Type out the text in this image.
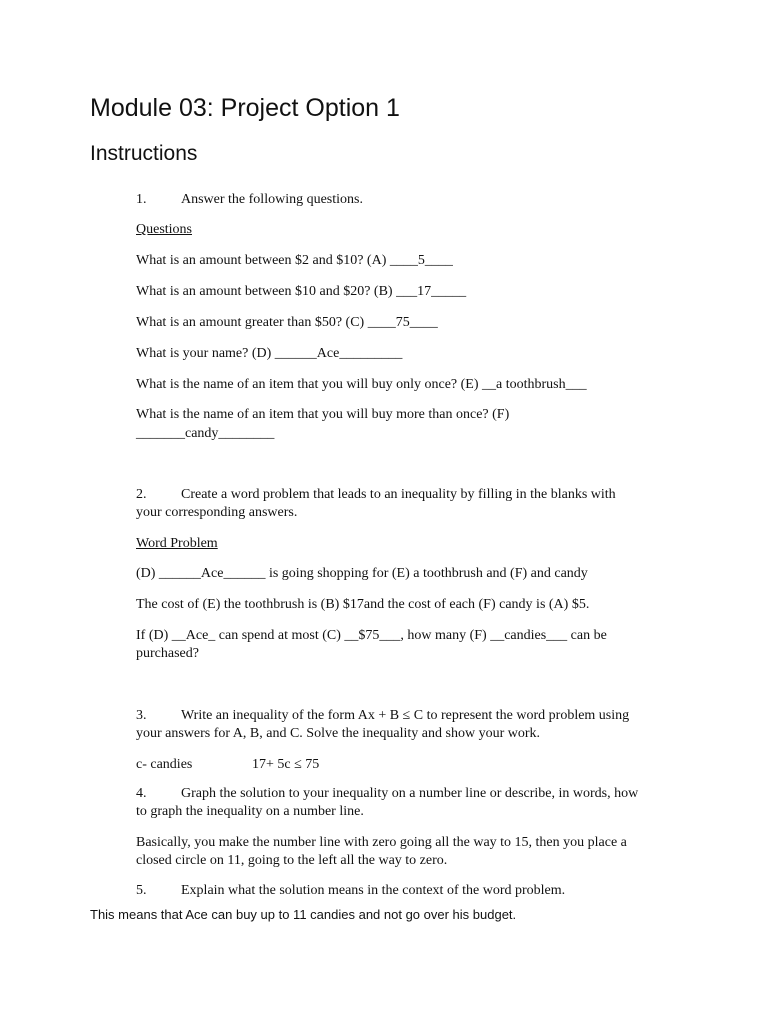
Module 03: Project Option 1
Instructions
1. Answer the following questions.
Questions
What is an amount between $2 and $10? (A) ____5____
What is an amount between $10 and $20? (B) ___17_____
What is an amount greater than $50? (C) ____75____
What is your name? (D) ______Ace_________
What is the name of an item that you will buy only once? (E) __a toothbrush___
What is the name of an item that you will buy more than once? (F)
_______candy________
2. Create a word problem that leads to an inequality by filling in the blanks with
your corresponding answers.
Word Problem
(D) ______Ace______ is going shopping for (E) a toothbrush and (F) and candy
The cost of (E) the toothbrush is (B) $17and the cost of each (F) candy is (A) $5.
If (D) __Ace_ can spend at most (C) __$75___, how many (F) __candies___ can be
purchased?
3. Write an inequality of the form Ax + B ≤ C to represent the word problem using
your answers for A, B, and C. Solve the inequality and show your work.
c- candies	17+ 5c ≤ 75
4. Graph the solution to your inequality on a number line or describe, in words, how
to graph the inequality on a number line.
Basically, you make the number line with zero going all the way to 15, then you place a
closed circle on 11, going to the left all the way to zero.
5. Explain what the solution means in the context of the word problem.
This means that Ace can buy up to 11 candies and not go over his budget.
